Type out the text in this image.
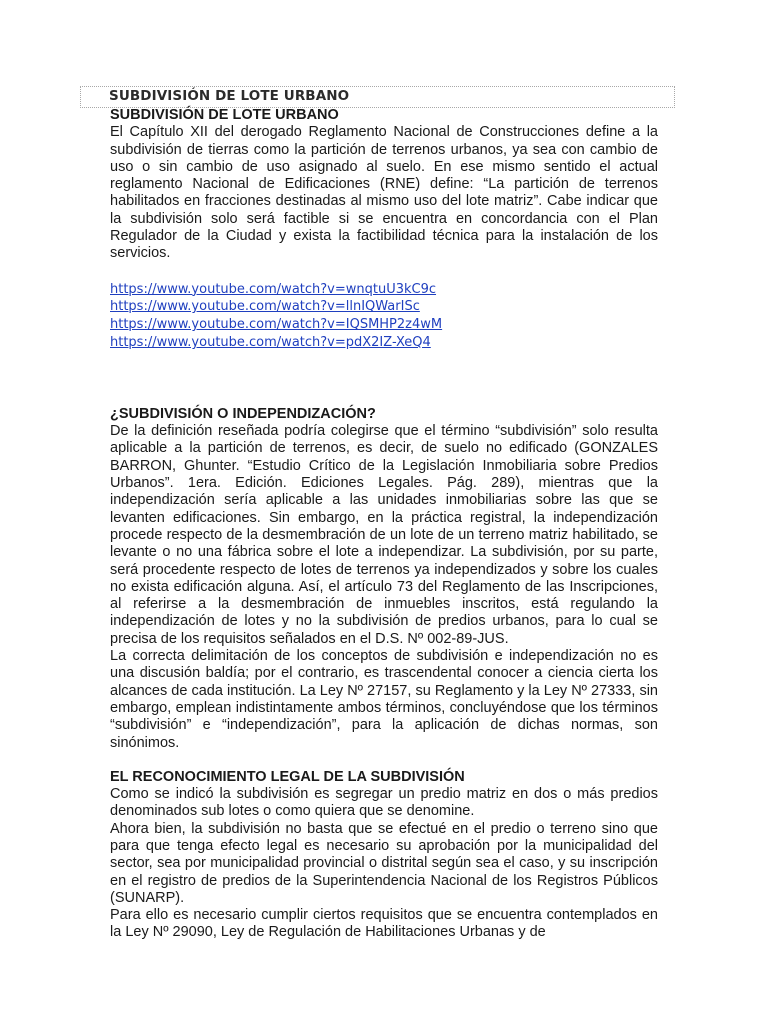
SUBDIVISIÓN DE LOTE URBANO
SUBDIVISIÓN DE LOTE URBANO

El Capítulo XII del derogado Reglamento Nacional de Construcciones define a la subdivisión de tierras como la partición de terrenos urbanos, ya sea con cambio de uso o sin cambio de uso asignado al suelo. En ese mismo sentido el actual reglamento Nacional de Edificaciones (RNE) define: “La partición de terrenos habilitados en fracciones destinadas al mismo uso del lote matriz”. Cabe indicar que la subdivisión solo será factible si se encuentra en concordancia con el Plan Regulador de la Ciudad y exista la factibilidad técnica para la instalación de los servicios.

https://www.youtube.com/watch?v=wnqtuU3kC9c
https://www.youtube.com/watch?v=llnIQWarISc
https://www.youtube.com/watch?v=IQSMHP2z4wM
https://www.youtube.com/watch?v=pdX2IZ-XeQ4
¿SUBDIVISIÓN O INDEPENDIZACIÓN?

De la definición reseñada podría colegirse que el término “subdivisión” solo resulta aplicable a la partición de terrenos, es decir, de suelo no edificado (GONZALES BARRON, Ghunter. “Estudio Crítico de la Legislación Inmobiliaria sobre Predios Urbanos”. 1era. Edición. Ediciones Legales. Pág. 289), mientras que la independización sería aplicable a las unidades inmobiliarias sobre las que se levanten edificaciones. Sin embargo, en la práctica registral, la independización procede respecto de la desmembración de un lote de un terreno matriz habilitado, se levante o no una fábrica sobre el lote a independizar. La subdivisión, por su parte, será procedente respecto de lotes de terrenos ya independizados y sobre los cuales no exista edificación alguna. Así, el artículo 73 del Reglamento de las Inscripciones, al referirse a la desmembración de inmuebles inscritos, está regulando la independización de lotes y no la subdivisión de predios urbanos, para lo cual se precisa de los requisitos señalados en el D.S. Nº 002-89-JUS.

La correcta delimitación de los conceptos de subdivisión e independización no es una discusión baldía; por el contrario, es trascendental conocer a ciencia cierta los alcances de cada institución. La Ley Nº 27157, su Reglamento y la Ley Nº 27333, sin embargo, emplean indistintamente ambos términos, concluyéndose que los términos “subdivisión” e “independización”, para la aplicación de dichas normas, son sinónimos.

EL RECONOCIMIENTO LEGAL DE LA SUBDIVISIÓN

Como se indicó la subdivisión es segregar un predio matriz en dos o más predios denominados sub lotes o como quiera que se denomine.

Ahora bien, la subdivisión no basta que se efectué en el predio o terreno sino que para que tenga efecto legal es necesario su aprobación por la municipalidad del sector, sea por municipalidad provincial o distrital según sea el caso, y su inscripción en el registro de predios de la Superintendencia Nacional de los Registros Públicos (SUNARP).

Para ello es necesario cumplir ciertos requisitos que se encuentra contemplados en la Ley Nº 29090, Ley de Regulación de Habilitaciones Urbanas y de
